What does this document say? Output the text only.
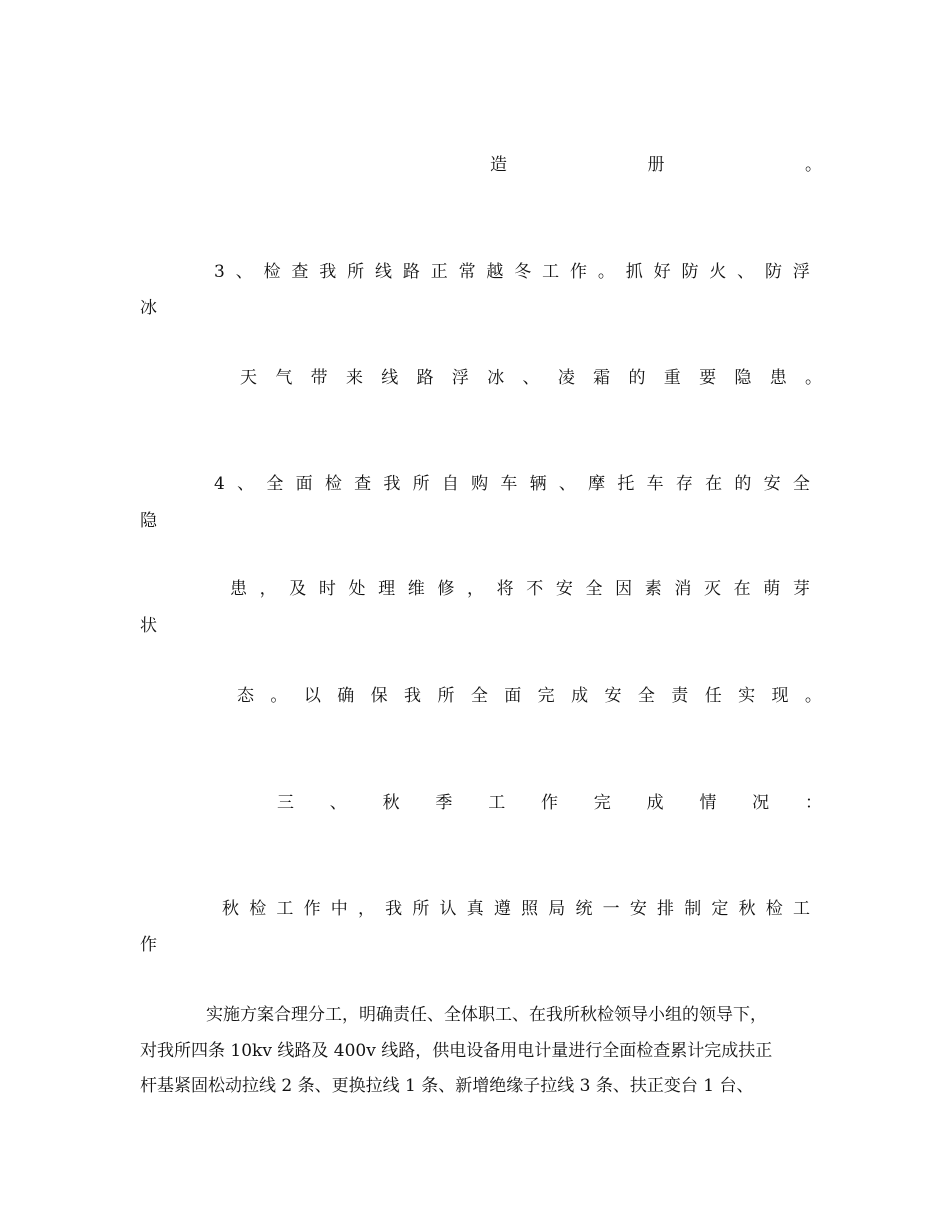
造	册	。
3 、 检 查 我 所 线 路 正 常 越 冬 工 作 。 抓 好 防 火 、 防 浮
冰
天 气 带 来 线 路 浮 冰 、 凌 霜 的 重 要 隐 患 。
4 、 全 面 检 查 我 所 自 购 车 辆 、 摩 托 车 存 在 的 安 全
隐
患 ， 及 时 处 理 维 修 ， 将 不 安 全 因 素 消 灭 在 萌 芽
状
态 。 以 确 保 我 所 全 面 完 成 安 全 责 任 实 现 。
三 、 秋 季 工 作 完 成 情 况 ：
秋 检 工 作 中 ， 我 所 认 真 遵 照 局 统 一 安 排 制 定 秋 检 工
作
实施方案合理分工，明确责任、全体职工、在我所秋检领导小组的领导下，
对我所四条 10kv 线路及 400v 线路，供电设备用电计量进行全面检查累计完成扶正
杆基紧固松动拉线 2 条、更换拉线 1 条、新增绝缘子拉线 3 条、扶正变台 1 台、
